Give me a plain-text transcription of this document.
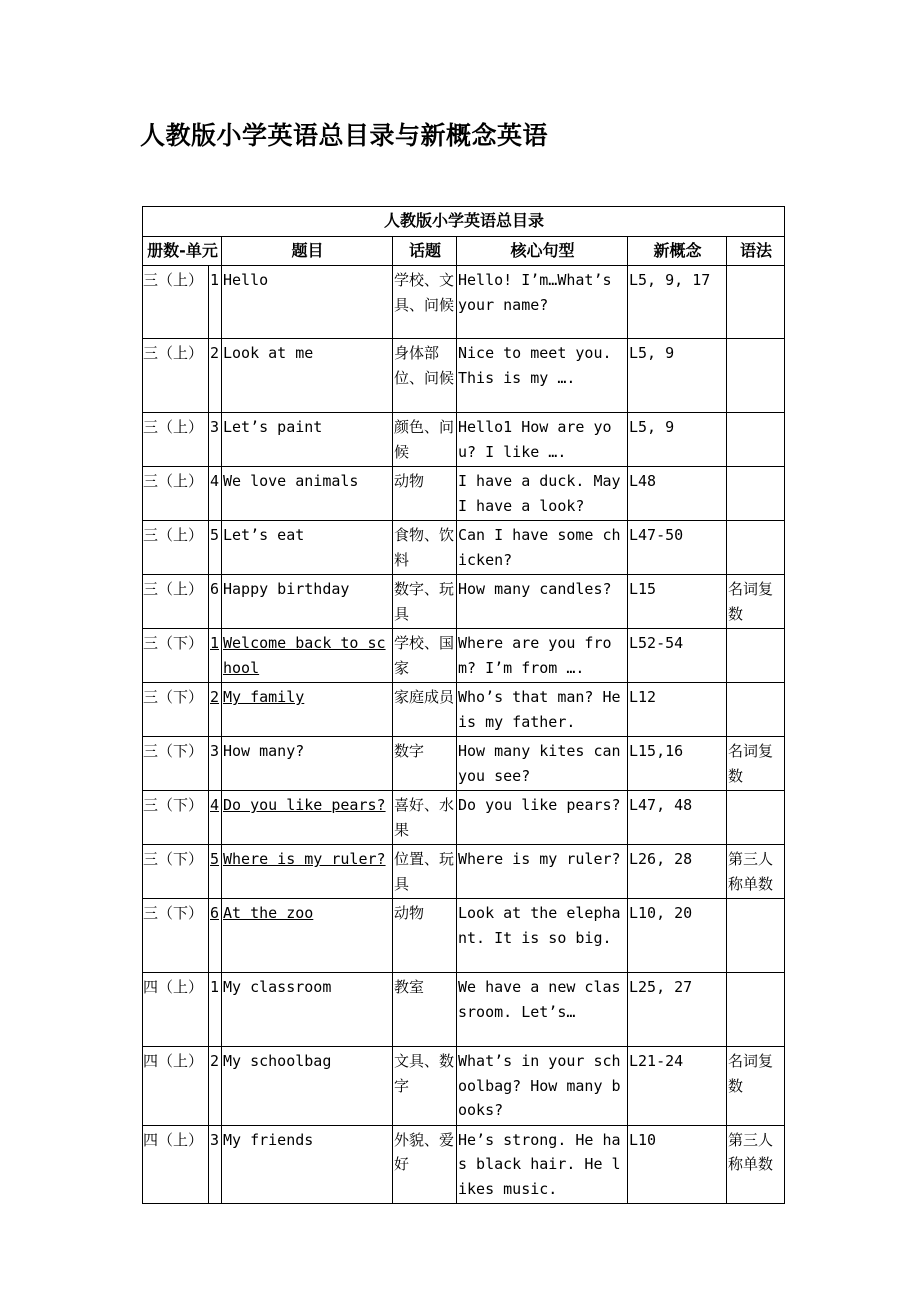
人教版小学英语总目录与新概念英语
人教版小学英语总目录						
册数-单元		题目	话题	核心句型	新概念	语法
三（上）	1	Hello	学校、文具、问候	Hello! I’m…What’s your name?	L5, 9, 17	
三（上）	2	Look at me	身体部位、问候	Nice to meet you. This is my ….	L5, 9	
三（上）	3	Let’s paint	颜色、问候	Hello1 How are you? I like ….	L5, 9	
三（上）	4	We love animals	动物	I have a duck. May I have a look?	L48	
三（上）	5	Let’s eat	食物、饮料	Can I have some chicken?	L47-50	
三（上）	6	Happy birthday	数字、玩具	How many candles?	L15	名词复数
三（下）	1	Welcome back to school	学校、国家	Where are you from? I’m from ….	L52-54	
三（下）	2	My family	家庭成员	Who’s that man? He is my father.	L12	
三（下）	3	How many?	数字	How many kites can you see?	L15,16	名词复数
三（下）	4	Do you like pears?	喜好、水果	Do you like pears?	L47, 48	
三（下）	5	Where is my ruler?	位置、玩具	Where is my ruler?	L26, 28	第三人称单数
三（下）	6	At the zoo	动物	Look at the elephant. It is so big.	L10, 20	
四（上）	1	My classroom	教室	We have a new classroom. Let’s…	L25, 27	
四（上）	2	My schoolbag	文具、数字	What’s in your schoolbag? How many books?	L21-24	名词复数
四（上）	3	My friends	外貌、爱好	He’s strong. He has black hair. He likes music.	L10	第三人称单数
